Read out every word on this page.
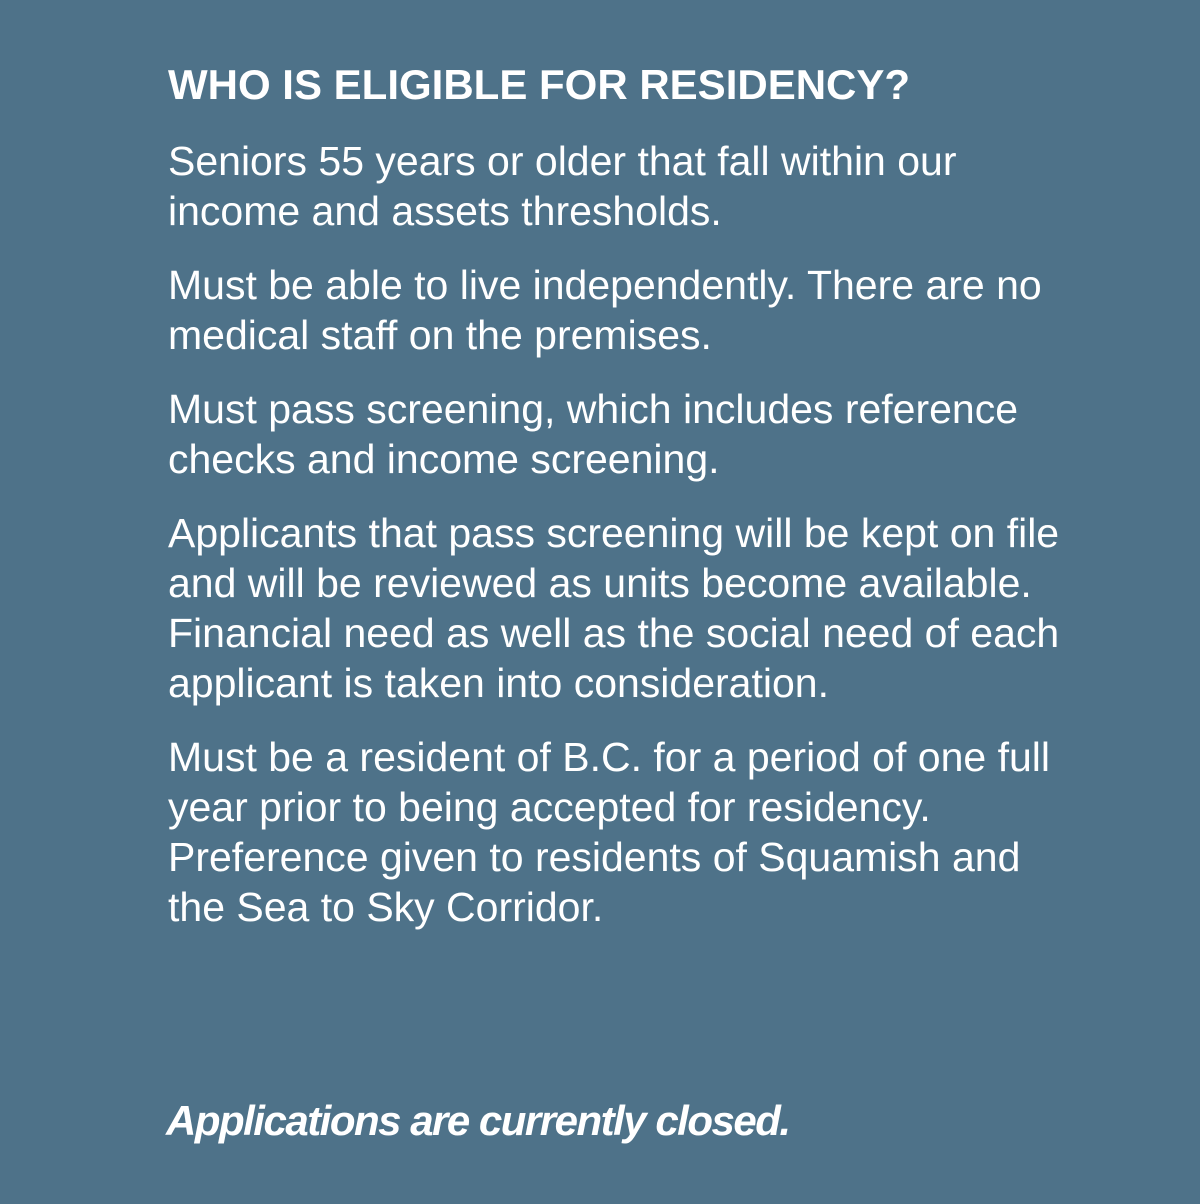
WHO IS ELIGIBLE FOR RESIDENCY?

Seniors 55 years or older that fall within our income and assets thresholds.

Must be able to live independently. There are no medical staff on the premises.

Must pass screening, which includes reference checks and income screening.

Applicants that pass screening will be kept on file and will be reviewed as units become available. Financial need as well as the social need of each applicant is taken into consideration.

Must be a resident of B.C. for a period of one full year prior to being accepted for residency. Preference given to residents of Squamish and the Sea to Sky Corridor.

Applications are currently closed.
